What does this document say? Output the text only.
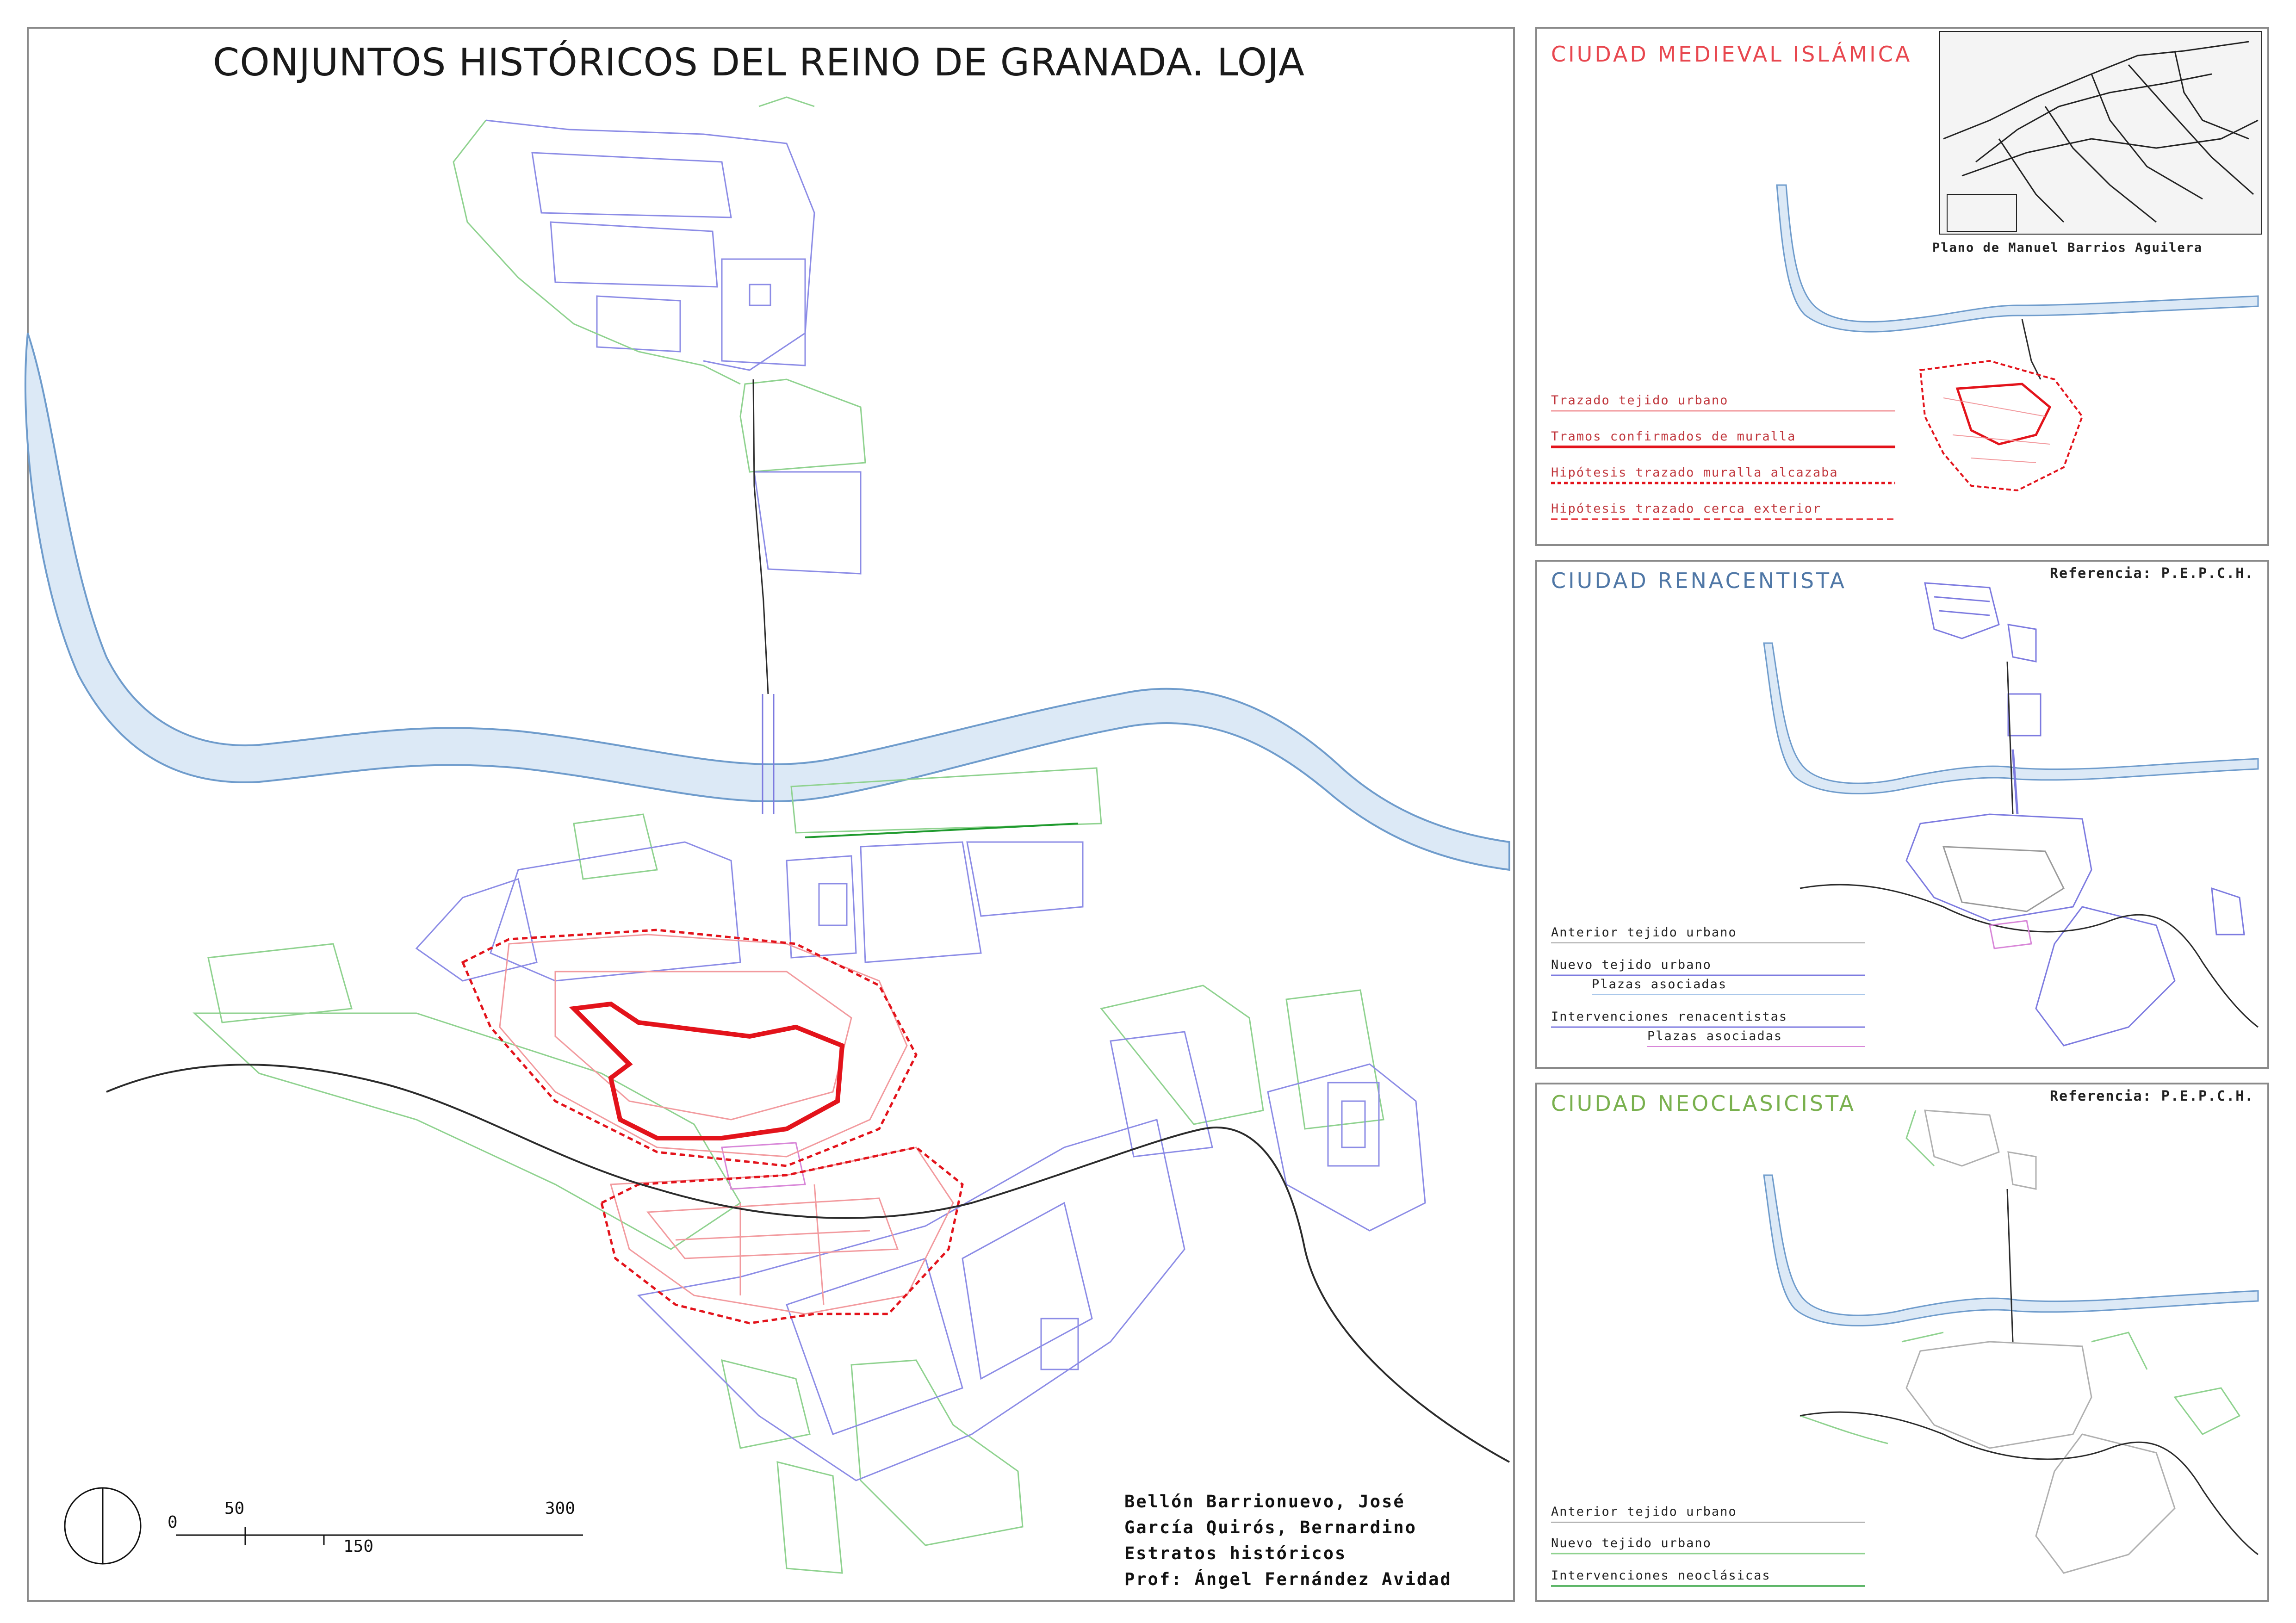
CONJUNTOS HISTÓRICOS DEL REINO DE GRANADA. LOJA
0
50
150
300	Bellón Barrionuevo, José
García Quirós, Bernardino
Estratos históricos
Prof: Ángel Fernández Avidad
CIUDAD MEDIEVAL ISLÁMICA
Plano de Manuel Barrios Aguilera
Trazado tejido urbano
Tramos confirmados de muralla
Hipótesis trazado muralla alcazaba
Hipótesis trazado cerca exterior
CIUDAD RENACENTISTA	Referencia: P.E.P.C.H.
Anterior tejido urbano
Nuevo tejido urbano
Plazas asociadas
Intervenciones renacentistas
Plazas asociadas
CIUDAD NEOCLASICISTA	Referencia: P.E.P.C.H.
Anterior tejido urbano
Nuevo tejido urbano
Intervenciones neoclásicas
